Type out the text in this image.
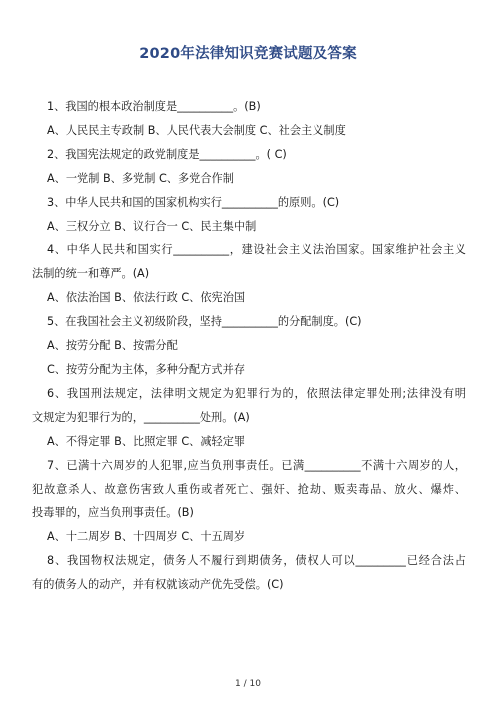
2020年法律知识竞赛试题及答案
1、我国的根本政治制度是__________。(B)
A、人民民主专政制 B、人民代表大会制度 C、社会主义制度
2、我国宪法规定的政党制度是__________。( C)
A、一党制 B、多党制 C、多党合作制
3、中华人民共和国的国家机构实行__________的原则。(C)
A、三权分立 B、议行合一 C、民主集中制
4、中华人民共和国实行__________，建设社会主义法治国家。国家维护社会主义
法制的统一和尊严。(A)
A、依法治国 B、依法行政 C、依宪治国
5、在我国社会主义初级阶段，坚持__________的分配制度。(C)
A、按劳分配 B、按需分配
C、按劳分配为主体，多种分配方式并存
6、我国刑法规定，法律明文规定为犯罪行为的，依照法律定罪处刑;法律没有明
文规定为犯罪行为的，__________处刑。(A)
A、不得定罪 B、比照定罪 C、减轻定罪
7、已满十六周岁的人犯罪,应当负刑事责任。已满__________不满十六周岁的人，
犯故意杀人、故意伤害致人重伤或者死亡、强奸、抢劫、贩卖毒品、放火、爆炸、
投毒罪的，应当负刑事责任。(B)
A、十二周岁 B、十四周岁 C、十五周岁
8、我国物权法规定，债务人不履行到期债务，债权人可以_________已经合法占
有的债务人的动产，并有权就该动产优先受偿。(C)
1 / 10
